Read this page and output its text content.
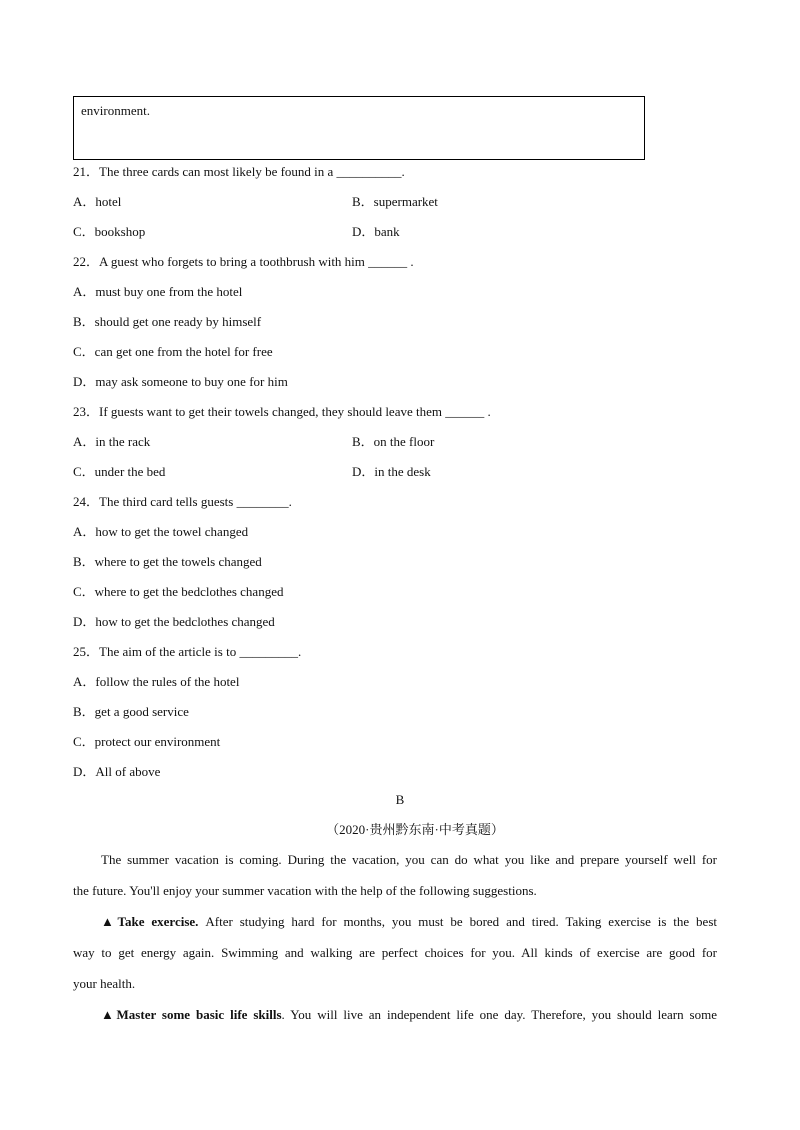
environment.
21．The three cards can most likely be found in a __________.
A．hotel	B．supermarket
C．bookshop	D．bank
22．A guest who forgets to bring a toothbrush with him ______ .
A．must buy one from the hotel
B．should get one ready by himself
C．can get one from the hotel for free
D．may ask someone to buy one for him
23．If guests want to get their towels changed, they should leave them ______ .
A．in the rack	B．on the floor
C．under the bed	D．in the desk
24．The third card tells guests ________.
A．how to get the towel changed
B．where to get the towels changed
C．where to get the bedclothes changed
D．how to get the bedclothes changed
25．The aim of the article is to _________.
A．follow the rules of the hotel
B．get a good service
C．protect our environment
D．All of above
B
（2020·贵州黔东南·中考真题）
The summer vacation is coming. During the vacation, you can do what you like and prepare yourself well for
the future. You'll enjoy your summer vacation with the help of the following suggestions.
▲Take exercise. After studying hard for months, you must be bored and tired. Taking exercise is the best
way to get energy again. Swimming and walking are perfect choices for you. All kinds of exercise are good for
your health.
▲Master some basic life skills. You will live an independent life one day. Therefore, you should learn some
